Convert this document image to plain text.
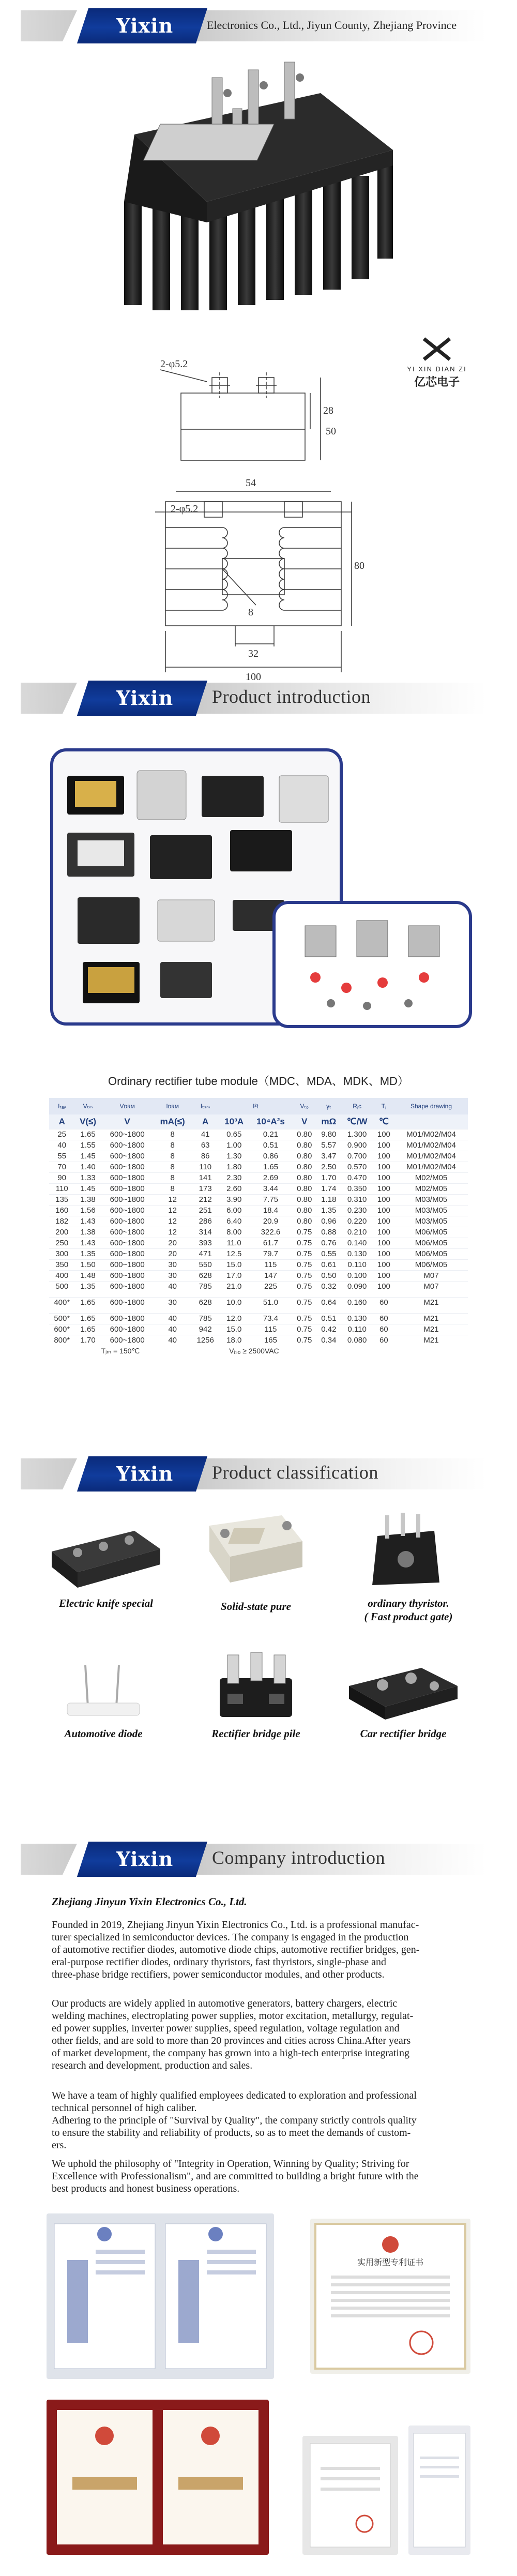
Yixin	Electronics Co., Ltd., Jiyun County, Zhejiang Province
YI XIN DIAN ZI
亿芯电子
2-φ5.2
28
50
54
2-φ5.2
8
80
32
100
Yixin	Product introduction
Ordinary rectifier tube module（MDC、MDA、MDK、MD）
Iₜₐᵥ	Vₜₘ	Vᴅʀᴍ	Iᴅʀᴍ	Iₜₛₘ	I²t		Vₜ₀	γₜ	Rⱼc	Tⱼ	Shape drawing
A	V(≤)	V	mA(≤)	A	10³A	10⁴A²s	V	mΩ	℃/W	℃	
25	1.65	600~1800	8	41	0.65	0.21	0.80	9.80	1.300	100	M01/M02/M04
40	1.55	600~1800	8	63	1.00	0.51	0.80	5.57	0.900	100	M01/M02/M04
55	1.45	600~1800	8	86	1.30	0.86	0.80	3.47	0.700	100	M01/M02/M04
70	1.40	600~1800	8	110	1.80	1.65	0.80	2.50	0.570	100	M01/M02/M04
90	1.33	600~1800	8	141	2.30	2.69	0.80	1.70	0.470	100	M02/M05
110	1.45	600~1800	8	173	2.60	3.44	0.80	1.74	0.350	100	M02/M05
135	1.38	600~1800	12	212	3.90	7.75	0.80	1.18	0.310	100	M03/M05
160	1.56	600~1800	12	251	6.00	18.4	0.80	1.35	0.230	100	M03/M05
182	1.43	600~1800	12	286	6.40	20.9	0.80	0.96	0.220	100	M03/M05
200	1.38	600~1800	12	314	8.00	322.6	0.75	0.88	0.210	100	M06/M05
250	1.43	600~1800	20	393	11.0	61.7	0.75	0.76	0.140	100	M06/M05
300	1.35	600~1800	20	471	12.5	79.7	0.75	0.55	0.130	100	M06/M05
350	1.50	600~1800	30	550	15.0	115	0.75	0.61	0.110	100	M06/M05
400	1.48	600~1800	30	628	17.0	147	0.75	0.50	0.100	100	M07
500	1.35	600~1800	40	785	21.0	225	0.75	0.32	0.090	100	M07

400*	1.65	600~1800	30	628	10.0	51.0	0.75	0.64	0.160	60	M21

500*	1.65	600~1800	40	785	12.0	73.4	0.75	0.51	0.130	60	M21
600*	1.65	600~1800	40	942	15.0	115	0.75	0.42	0.110	60	M21
800*	1.70	600~1800	40	1256	18.0	165	0.75	0.34	0.080	60	M21
Tⱼₘ = 150℃				Vᵢₛₒ ≥ 2500VAC							
Yixin	Product classification
Electric knife special	Solid-state pure	ordinary thyristor.
( Fast product gate)
Automotive diode	Rectifier bridge pile	Car rectifier bridge
Yixin	Company introduction
Zhejiang Jinyun Yixin Electronics Co., Ltd.
Founded in 2019, Zhejiang Jinyun Yixin Electronics Co., Ltd. is a professional manufac-
turer specialized in semiconductor devices. The company is engaged in the production
of automotive rectifier diodes, automotive diode chips, automotive rectifier bridges, gen-
eral-purpose rectifier diodes, ordinary thyristors, fast thyristors, single-phase and
three-phase bridge rectifiers, power semiconductor modules, and other products.
Our products are widely applied in automotive generators, battery chargers, electric
welding machines, electroplating power supplies, motor excitation, metallurgy, regulat-
ed power supplies, inverter power supplies, speed regulation, voltage regulation and
other fields, and are sold to more than 20 provinces and cities across China.After years
of market development, the company has grown into a high-tech enterprise integrating
research and development, production and sales.
We have a team of highly qualified employees dedicated to exploration and professional
technical personnel of high caliber.
Adhering to the principle of "Survival by Quality", the company strictly controls quality
to ensure the stability and reliability of products, so as to meet the demands of custom-
ers.
We uphold the philosophy of "Integrity in Operation, Winning by Quality; Striving for
Excellence with Professionalism", and are committed to building a bright future with the
best products and honest business operations.
实用新型专利证书
